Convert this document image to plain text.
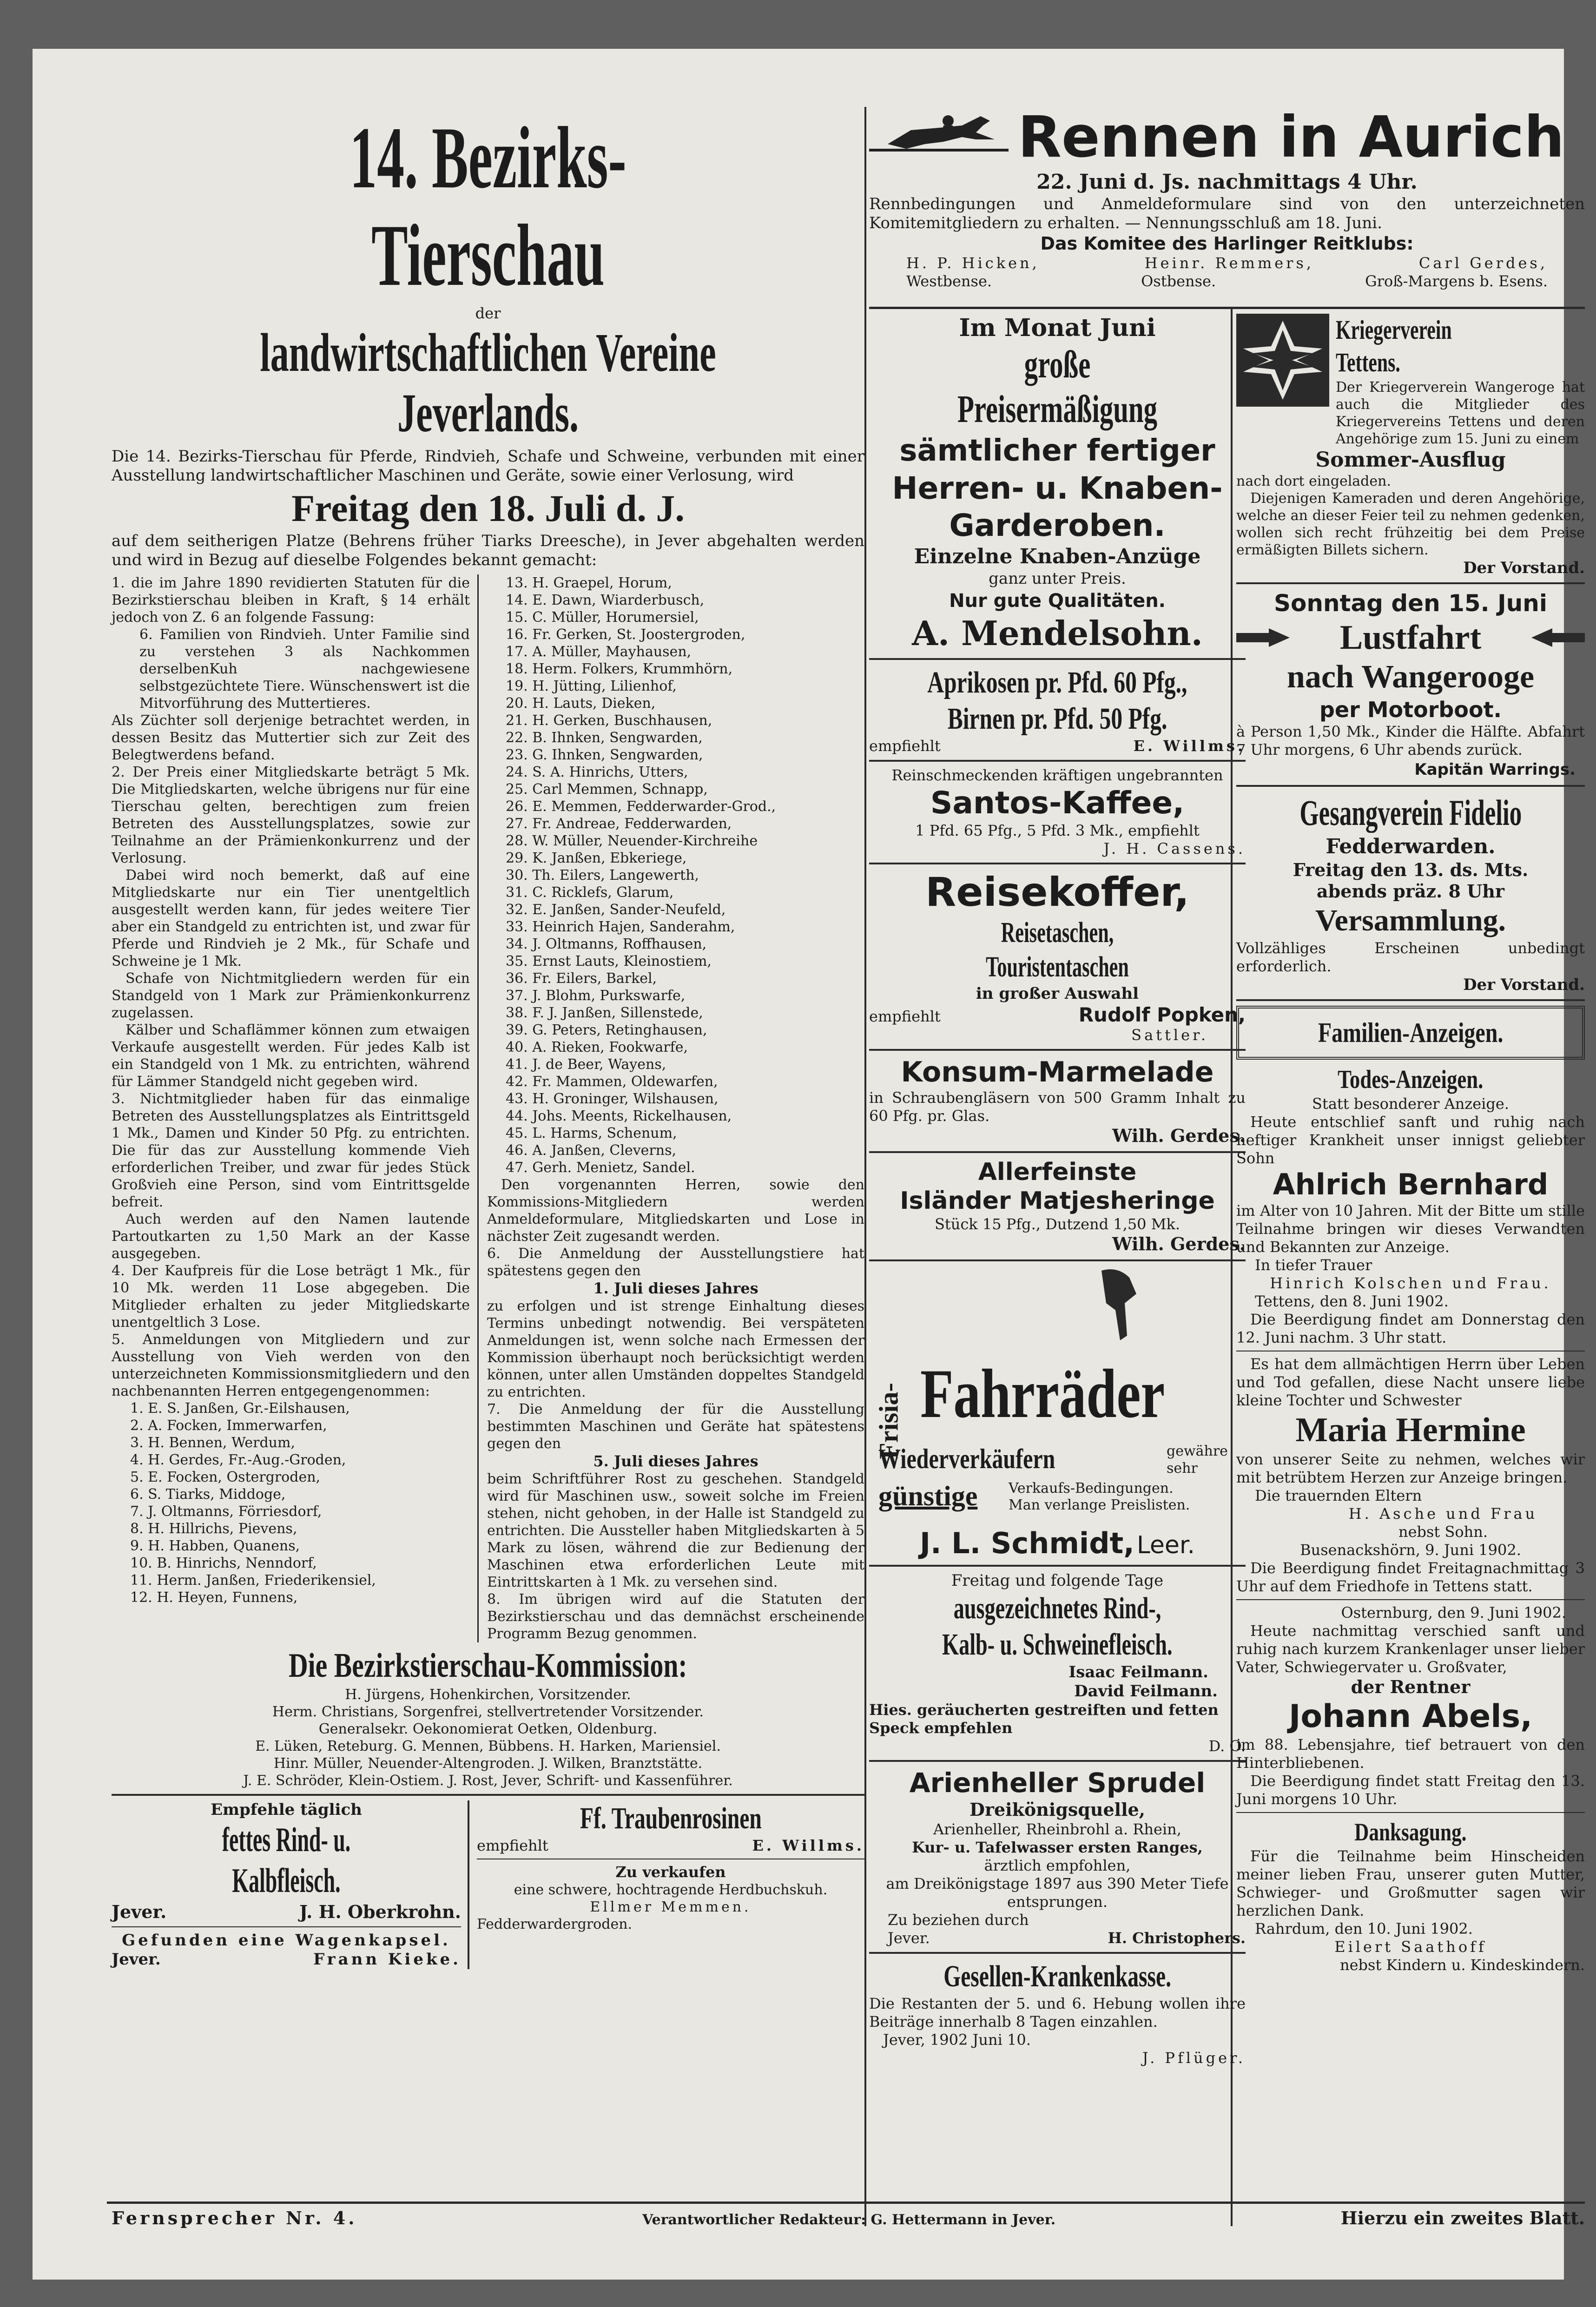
14. Bezirks-Tierschau
der
landwirtschaftlichen Vereine Jeverlands.
Die 14. Bezirks-Tierschau für Pferde, Rindvieh, Schafe und Schweine, verbunden mit einer Ausstellung landwirtschaftlicher Maschinen und Geräte, sowie einer Verlosung, wird
Freitag den 18. Juli d. J.
auf dem seitherigen Platze (Behrens früher Tiarks Dreesche), in Jever abgehalten werden und wird in Bezug auf dieselbe Folgendes bekannt gemacht:
1. die im Jahre 1890 revidierten Statuten für die Bezirkstierschau bleiben in Kraft, § 14 erhält jedoch von Z. 6 an folgende Fassung:
6. Familien von Rindvieh. Unter Familie sind zu verstehen 3 als Nachkommen derselbenKuh nachgewiesene selbstgezüchtete Tiere. Wünschenswert ist die Mitvorführung des Muttertieres.
Als Züchter soll derjenige betrachtet werden, in dessen Besitz das Muttertier sich zur Zeit des Belegtwerdens befand.
2. Der Preis einer Mitgliedskarte beträgt 5 Mk. Die Mitgliedskarten, welche übrigens nur für eine Tierschau gelten, berechtigen zum freien Betreten des Ausstellungsplatzes, sowie zur Teilnahme an der Prämienkonkurrenz und der Verlosung.
Dabei wird noch bemerkt, daß auf eine Mitgliedskarte nur ein Tier unentgeltlich ausgestellt werden kann, für jedes weitere Tier aber ein Standgeld zu entrichten ist, und zwar für Pferde und Rindvieh je 2 Mk., für Schafe und Schweine je 1 Mk.
Schafe von Nichtmitgliedern werden für ein Standgeld von 1 Mark zur Prämienkonkurrenz zugelassen.
Kälber und Schaflämmer können zum etwaigen Verkaufe ausgestellt werden. Für jedes Kalb ist ein Standgeld von 1 Mk. zu entrichten, während für Lämmer Standgeld nicht gegeben wird.
3. Nichtmitglieder haben für das einmalige Betreten des Ausstellungsplatzes als Eintrittsgeld 1 Mk., Damen und Kinder 50 Pfg. zu entrichten. Die für das zur Ausstellung kommende Vieh erforderlichen Treiber, und zwar für jedes Stück Großvieh eine Person, sind vom Eintrittsgelde befreit.
Auch werden auf den Namen lautende Partoutkarten zu 1,50 Mark an der Kasse ausgegeben.
4. Der Kaufpreis für die Lose beträgt 1 Mk., für 10 Mk. werden 11 Lose abgegeben. Die Mitglieder erhalten zu jeder Mitgliedskarte unentgeltlich 3 Lose.
5. Anmeldungen von Mitgliedern und zur Ausstellung von Vieh werden von den unterzeichneten Kommissionsmitgliedern und den nachbenannten Herren entgegengenommen:
1. E. S. Janßen, Gr.-Eilshausen,
2. A. Focken, Immerwarfen,
3. H. Bennen, Werdum,
4. H. Gerdes, Fr.-Aug.-Groden,
5. E. Focken, Ostergroden,
6. S. Tiarks, Middoge,
7. J. Oltmanns, Förriesdorf,
8. H. Hillrichs, Pievens,
9. H. Habben, Quanens,
10. B. Hinrichs, Nenndorf,
11. Herm. Janßen, Friederikensiel,
12. H. Heyen, Funnens,
13. H. Graepel, Horum,
14. E. Dawn, Wiarderbusch,
15. C. Müller, Horumersiel,
16. Fr. Gerken, St. Joostergroden,
17. A. Müller, Mayhausen,
18. Herm. Folkers, Krummhörn,
19. H. Jütting, Lilienhof,
20. H. Lauts, Dieken,
21. H. Gerken, Buschhausen,
22. B. Ihnken, Sengwarden,
23. G. Ihnken, Sengwarden,
24. S. A. Hinrichs, Utters,
25. Carl Memmen, Schnapp,
26. E. Memmen, Fedderwarder-Grod.,
27. Fr. Andreae, Fedderwarden,
28. W. Müller, Neuender-Kirchreihe
29. K. Janßen, Ebkeriege,
30. Th. Eilers, Langewerth,
31. C. Ricklefs, Glarum,
32. E. Janßen, Sander-Neufeld,
33. Heinrich Hajen, Sanderahm,
34. J. Oltmanns, Roffhausen,
35. Ernst Lauts, Kleinostiem,
36. Fr. Eilers, Barkel,
37. J. Blohm, Purkswarfe,
38. F. J. Janßen, Sillenstede,
39. G. Peters, Retinghausen,
40. A. Rieken, Fookwarfe,
41. J. de Beer, Wayens,
42. Fr. Mammen, Oldewarfen,
43. H. Groninger, Wilshausen,
44. Johs. Meents, Rickelhausen,
45. L. Harms, Schenum,
46. A. Janßen, Cleverns,
47. Gerh. Menietz, Sandel.
Den vorgenannten Herren, sowie den Kommissions-Mitgliedern werden Anmeldeformulare, Mitgliedskarten und Lose in nächster Zeit zugesandt werden.
6. Die Anmeldung der Ausstellungstiere hat spätestens gegen den
1. Juli dieses Jahres
zu erfolgen und ist strenge Einhaltung dieses Termins unbedingt notwendig. Bei verspäteten Anmeldungen ist, wenn solche nach Ermessen der Kommission überhaupt noch berücksichtigt werden können, unter allen Umständen doppeltes Standgeld zu entrichten.
7. Die Anmeldung der für die Ausstellung bestimmten Maschinen und Geräte hat spätestens gegen den
5. Juli dieses Jahres
beim Schriftführer Rost zu geschehen. Standgeld wird für Maschinen usw., soweit solche im Freien stehen, nicht gehoben, in der Halle ist Standgeld zu entrichten. Die Aussteller haben Mitgliedskarten à 5 Mark zu lösen, während die zur Bedienung der Maschinen etwa erforderlichen Leute mit Eintrittskarten à 1 Mk. zu versehen sind.
8. Im übrigen wird auf die Statuten der Bezirkstierschau und das demnächst erscheinende Programm Bezug genommen.
Die Bezirkstierschau-Kommission:
H. Jürgens, Hohenkirchen, Vorsitzender.
Herm. Christians, Sorgenfrei, stellvertretender Vorsitzender.
Generalsekr. Oekonomierat Oetken, Oldenburg.
E. Lüken, Reteburg. G. Mennen, Bübbens. H. Harken, Mariensiel.
Hinr. Müller, Neuender-Altengroden. J. Wilken, Branztstätte.
J. E. Schröder, Klein-Ostiem. J. Rost, Jever, Schrift- und Kassenführer.
Empfehle täglich
fettes Rind- u. Kalbfleisch.
Jever.	J. H. Oberkrohn.
Gefunden eine Wagenkapsel.
Jever.	Frann Kieke.
Ff. Traubenrosinen
empfiehlt	E. Willms.
Zu verkaufen
eine schwere, hochtragende Herdbuchskuh.
Ellmer Memmen.
Fedderwardergroden.
Rennen in Aurich
22. Juni d. Js. nachmittags 4 Uhr.
Rennbedingungen und Anmeldeformulare sind von den unterzeichneten Komitemitgliedern zu erhalten. — Nennungsschluß am 18. Juni.
Das Komitee des Harlinger Reitklubs:
H. P. Hicken,	Heinr. Remmers,	Carl Gerdes,
Westbense.	Ostbense.	Groß-Margens b. Esens.
Im Monat Juni
große Preisermäßigung
sämtlicher fertiger
Herren- u. Knaben-
Garderoben.
Einzelne Knaben-Anzüge
ganz unter Preis.
Nur gute Qualitäten.
A. Mendelsohn.
Aprikosen pr. Pfd. 60 Pfg.,
Birnen pr. Pfd. 50 Pfg.
empfiehlt	E. Willms.
Reinschmeckenden kräftigen ungebrannten
Santos-Kaffee,
1 Pfd. 65 Pfg., 5 Pfd. 3 Mk., empfiehlt
J. H. Cassens.
Reisekoffer,
Reisetaschen, Touristentaschen
in großer Auswahl
empfiehlt	Rudolf Popken,
Sattler.
Konsum-Marmelade
in Schraubengläsern von 500 Gramm Inhalt zu 60 Pfg. pr. Glas.
Wilh. Gerdes.
Allerfeinste
Isländer Matjesheringe
Stück 15 Pfg., Dutzend 1,50 Mk.
Wilh. Gerdes.
Frisia- Fahrräder
Wiederverkäufern	gewähre sehr
günstige Verkaufs-Bedingungen.
Man verlange Preislisten.
J. L. Schmidt, Leer.
Freitag und folgende Tage
ausgezeichnetes Rind-,
Kalb- u. Schweinefleisch.
Isaac Feilmann.
David Feilmann.
Hies. geräucherten gestreiften und fetten Speck empfehlen
D. O.
Arienheller Sprudel
Dreikönigsquelle,
Arienheller, Rheinbrohl a. Rhein,
Kur- u. Tafelwasser ersten Ranges,
ärztlich empfohlen,
am Dreikönigstage 1897 aus 390 Meter Tiefe entsprungen.
Zu beziehen durch
Jever.	H. Christophers.
Gesellen-Krankenkasse.
Die Restanten der 5. und 6. Hebung wollen ihre Beiträge innerhalb 8 Tagen einzahlen.
Jever, 1902 Juni 10.
J. Pflüger.
Kriegerverein Tettens.
Der Kriegerverein Wangeroge hat auch die Mitglieder des Kriegervereins Tettens und deren Angehörige zum 15. Juni zu einem
Sommer-Ausflug
nach dort eingeladen.
Diejenigen Kameraden und deren Angehörige, welche an dieser Feier teil zu nehmen gedenken, wollen sich recht frühzeitig bei dem Preise ermäßigten Billets sichern.
Der Vorstand.
Sonntag den 15. Juni
Lustfahrt
nach Wangerooge
per Motorboot.
à Person 1,50 Mk., Kinder die Hälfte. Abfahrt 7 Uhr morgens, 6 Uhr abends zurück.
Kapitän Warrings.
Gesangverein Fidelio
Fedderwarden.
Freitag den 13. ds. Mts.
abends präz. 8 Uhr
Versammlung.
Vollzähliges Erscheinen unbedingt erforderlich.
Der Vorstand.
Familien-Anzeigen.
Todes-Anzeigen.
Statt besonderer Anzeige.
Heute entschlief sanft und ruhig nach heftiger Krankheit unser innigst geliebter Sohn
Ahlrich Bernhard
im Alter von 10 Jahren. Mit der Bitte um stille Teilnahme bringen wir dieses Verwandten und Bekannten zur Anzeige.
In tiefer Trauer
Hinrich Kolschen und Frau.
Tettens, den 8. Juni 1902.
Die Beerdigung findet am Donnerstag den 12. Juni nachm. 3 Uhr statt.
Es hat dem allmächtigen Herrn über Leben und Tod gefallen, diese Nacht unsere liebe kleine Tochter und Schwester
Maria Hermine
von unserer Seite zu nehmen, welches wir mit betrübtem Herzen zur Anzeige bringen.
Die trauernden Eltern
H. Asche und Frau
nebst Sohn.
Busenackshörn, 9. Juni 1902.
Die Beerdigung findet Freitagnachmittag 3 Uhr auf dem Friedhofe in Tettens statt.
Osternburg, den 9. Juni 1902.
Heute nachmittag verschied sanft und ruhig nach kurzem Krankenlager unser lieber Vater, Schwiegervater u. Großvater,
der Rentner
Johann Abels,
im 88. Lebensjahre, tief betrauert von den Hinterbliebenen.
Die Beerdigung findet statt Freitag den 13. Juni morgens 10 Uhr.
Danksagung.
Für die Teilnahme beim Hinscheiden meiner lieben Frau, unserer guten Mutter, Schwieger- und Großmutter sagen wir herzlichen Dank.
Rahrdum, den 10. Juni 1902.
Eilert Saathoff
nebst Kindern u. Kindeskindern.
Fernsprecher Nr. 4.	Verantwortlicher Redakteur: G. Hettermann in Jever.	Hierzu ein zweites Blatt.
